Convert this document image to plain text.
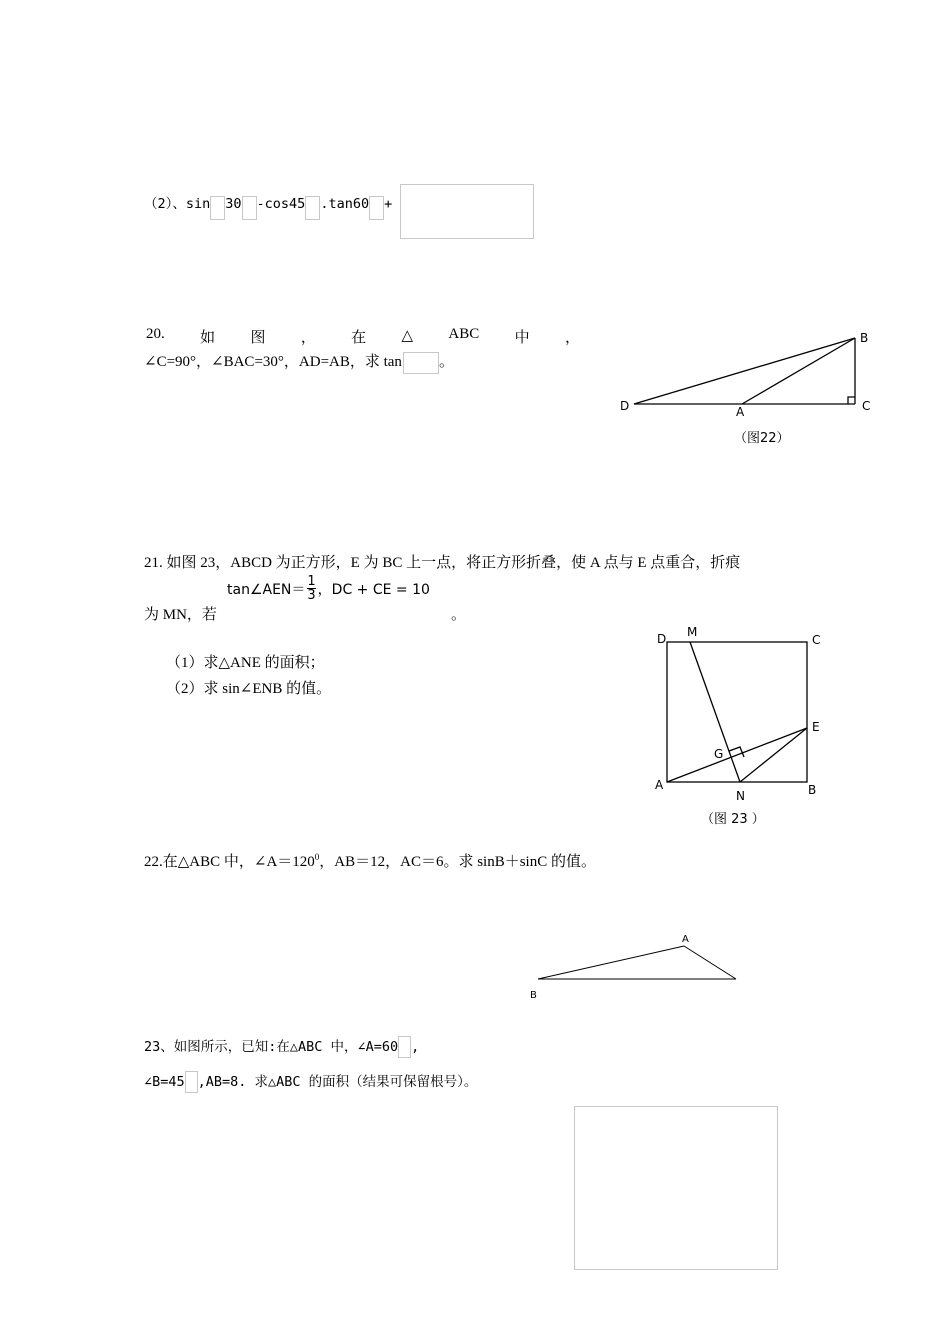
（2）、sin 30 -cos45 .tan60 +
20. 如 图 ， 在 △ ABC 中 ，
∠C=90°，∠BAC=30°，AD=AB，求 tan 。
D	A
B
C
（图22）
21. 如图 23，ABCD 为正方形，E 为 BC 上一点，将正方形折叠，使 A 点与 E 点重合，折痕
tan∠AEN＝ $\frac{1}{3}$ ，DC + CE = 10
为 MN，若	。
（1）求△ANE 的面积；
（2）求 sin∠ENB 的值。
D M
C
E
G
A
N	B
（图 23 ）
22.在△ABC 中，$\angle A=120^0$，AB＝12，AC＝6。求 sinB＋sinC 的值。
A
B
23、如图所示，已知:在△ABC 中，∠A=60 ,
∠B=45 ,AB=8. 求△ABC 的面积（结果可保留根号）。
